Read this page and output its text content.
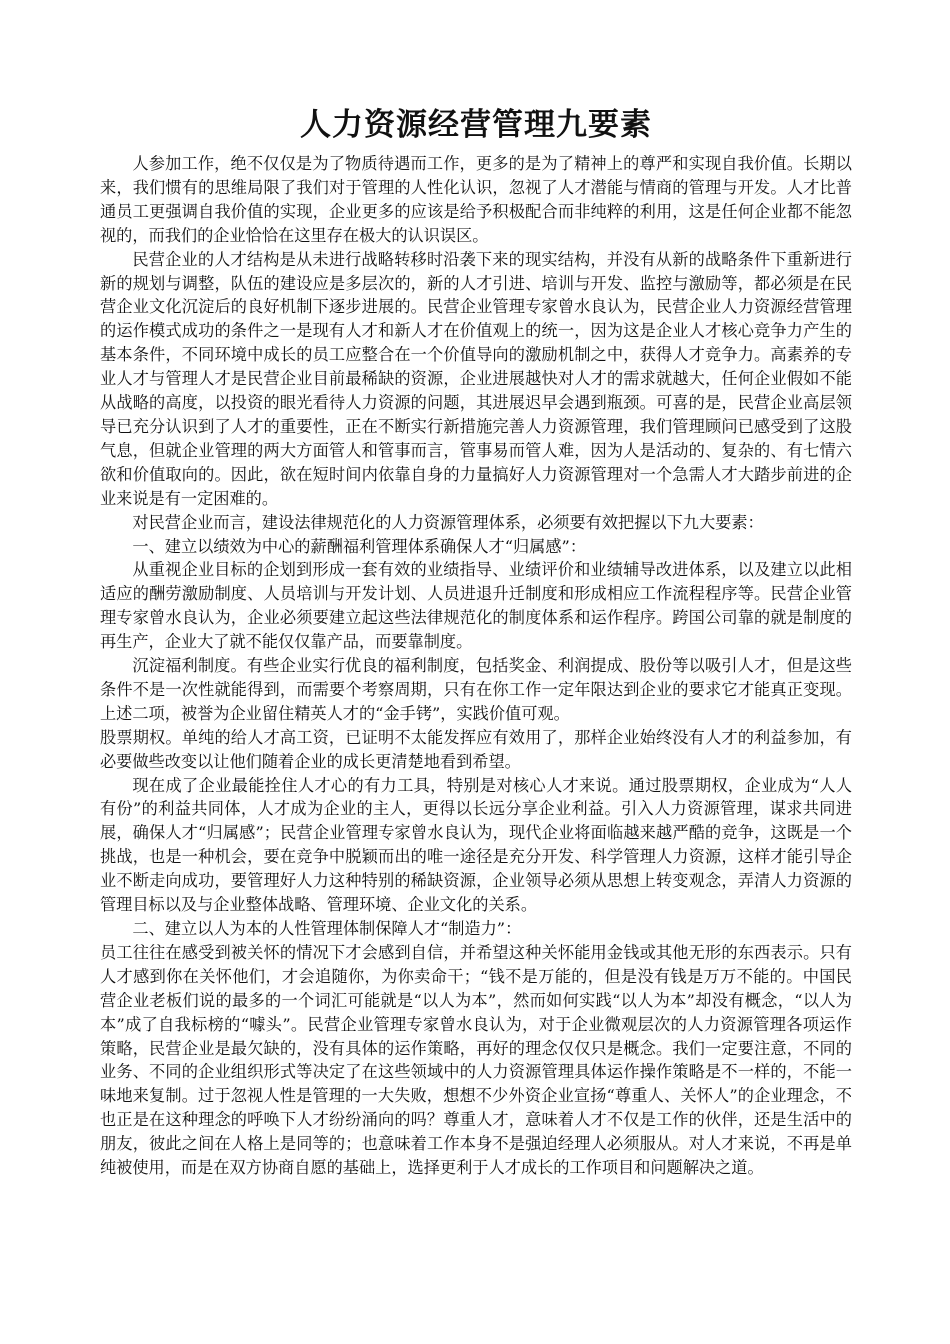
人力资源经营管理九要素

人参加工作，绝不仅仅是为了物质待遇而工作，更多的是为了精神上的尊严和实现自我价值。长期以来，我们惯有的思维局限了我们对于管理的人性化认识，忽视了人才潜能与情商的管理与开发。人才比普通员工更强调自我价值的实现，企业更多的应该是给予积极配合而非纯粹的利用，这是任何企业都不能忽视的，而我们的企业恰恰在这里存在极大的认识误区。

民营企业的人才结构是从未进行战略转移时沿袭下来的现实结构，并没有从新的战略条件下重新进行新的规划与调整，队伍的建设应是多层次的，新的人才引进、培训与开发、监控与激励等，都必须是在民营企业文化沉淀后的良好机制下逐步进展的。民营企业管理专家曾水良认为，民营企业人力资源经营管理的运作模式成功的条件之一是现有人才和新人才在价值观上的统一，因为这是企业人才核心竞争力产生的基本条件，不同环境中成长的员工应整合在一个价值导向的激励机制之中，获得人才竞争力。高素养的专业人才与管理人才是民营企业目前最稀缺的资源，企业进展越快对人才的需求就越大，任何企业假如不能从战略的高度，以投资的眼光看待人力资源的问题，其进展迟早会遇到瓶颈。可喜的是，民营企业高层领导已充分认识到了人才的重要性，正在不断实行新措施完善人力资源管理，我们管理顾问已感受到了这股气息，但就企业管理的两大方面管人和管事而言，管事易而管人难，因为人是活动的、复杂的、有七情六欲和价值取向的。因此，欲在短时间内依靠自身的力量搞好人力资源管理对一个急需人才大踏步前进的企业来说是有一定困难的。

对民营企业而言，建设法律规范化的人力资源管理体系，必须要有效把握以下九大要素：

一、建立以绩效为中心的薪酬福利管理体系确保人才“归属感”：

从重视企业目标的企划到形成一套有效的业绩指导、业绩评价和业绩辅导改进体系，以及建立以此相适应的酬劳激励制度、人员培训与开发计划、人员进退升迁制度和形成相应工作流程程序等。民营企业管理专家曾水良认为，企业必须要建立起这些法律规范化的制度体系和运作程序。跨国公司靠的就是制度的再生产，企业大了就不能仅仅靠产品，而要靠制度。

沉淀福利制度。有些企业实行优良的福利制度，包括奖金、利润提成、股份等以吸引人才，但是这些条件不是一次性就能得到，而需要个考察周期，只有在你工作一定年限达到企业的要求它才能真正变现。上述二项，被誉为企业留住精英人才的“金手铐”，实践价值可观。

股票期权。单纯的给人才高工资，已证明不太能发挥应有效用了，那样企业始终没有人才的利益参加，有必要做些改变以让他们随着企业的成长更清楚地看到希望。

现在成了企业最能拴住人才心的有力工具，特别是对核心人才来说。通过股票期权，企业成为“人人有份”的利益共同体，人才成为企业的主人，更得以长远分享企业利益。引入人力资源管理，谋求共同进展，确保人才“归属感”；民营企业管理专家曾水良认为，现代企业将面临越来越严酷的竞争，这既是一个挑战，也是一种机会，要在竞争中脱颖而出的唯一途径是充分开发、科学管理人力资源，这样才能引导企业不断走向成功，要管理好人力这种特别的稀缺资源，企业领导必须从思想上转变观念，弄清人力资源的管理目标以及与企业整体战略、管理环境、企业文化的关系。

二、建立以人为本的人性管理体制保障人才“制造力”：

员工往往在感受到被关怀的情况下才会感到自信，并希望这种关怀能用金钱或其他无形的东西表示。只有人才感到你在关怀他们，才会追随你，为你卖命干；“钱不是万能的，但是没有钱是万万不能的。中国民营企业老板们说的最多的一个词汇可能就是“以人为本”，然而如何实践“以人为本”却没有概念，“以人为本”成了自我标榜的“噱头”。民营企业管理专家曾水良认为，对于企业微观层次的人力资源管理各项运作策略，民营企业是最欠缺的，没有具体的运作策略，再好的理念仅仅只是概念。我们一定要注意，不同的业务、不同的企业组织形式等决定了在这些领域中的人力资源管理具体运作操作策略是不一样的，不能一味地来复制。过于忽视人性是管理的一大失败，想想不少外资企业宣扬“尊重人、关怀人”的企业理念，不也正是在这种理念的呼唤下人才纷纷涌向的吗？尊重人才，意味着人才不仅是工作的伙伴，还是生活中的朋友，彼此之间在人格上是同等的；也意味着工作本身不是强迫经理人必须服从。对人才来说，不再是单纯被使用，而是在双方协商自愿的基础上，选择更利于人才成长的工作项目和问题解决之道。
